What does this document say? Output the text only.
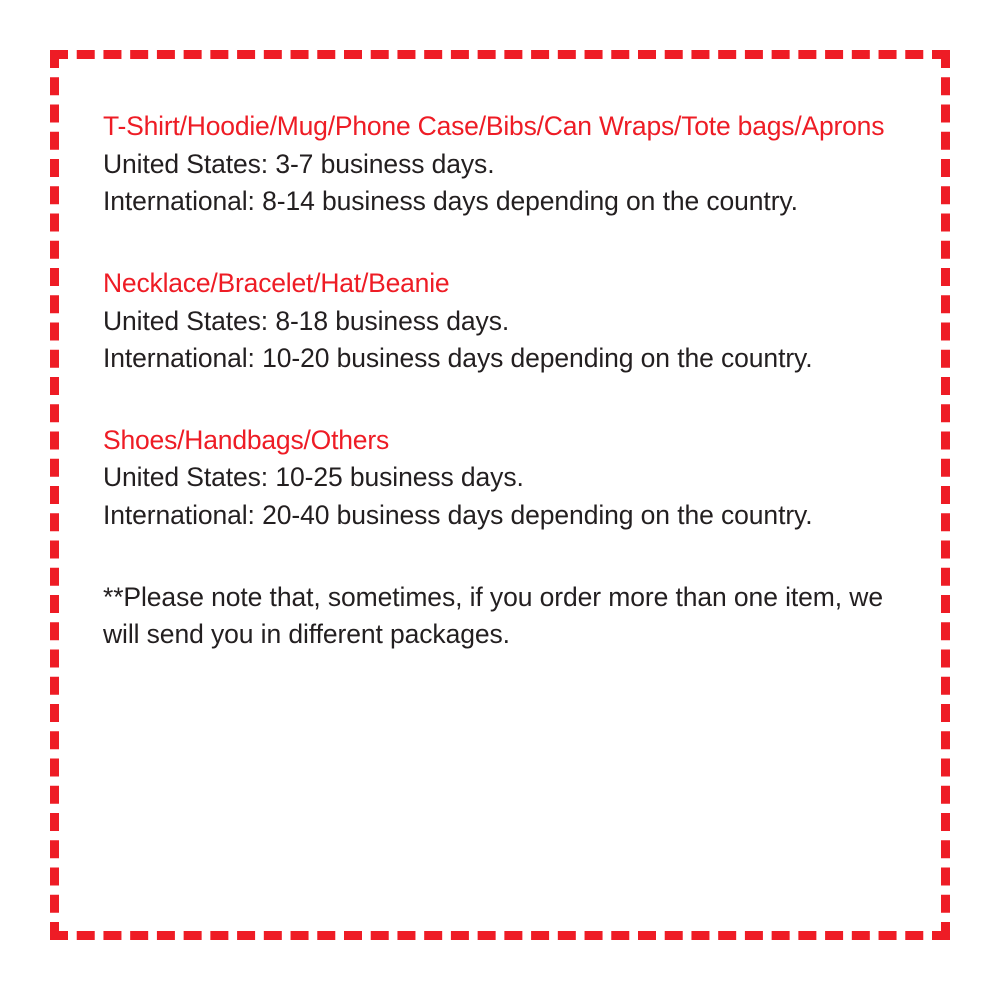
T-Shirt/Hoodie/Mug/Phone Case/Bibs/Can Wraps/Tote bags/Aprons
United States: 3-7 business days.
International: 8-14 business days depending on the country.
Necklace/Bracelet/Hat/Beanie
United States: 8-18 business days.
International: 10-20 business days depending on the country.
Shoes/Handbags/Others
United States: 10-25 business days.
International: 20-40 business days depending on the country.
**Please note that, sometimes, if you order more than one item, we will send you in different packages.
